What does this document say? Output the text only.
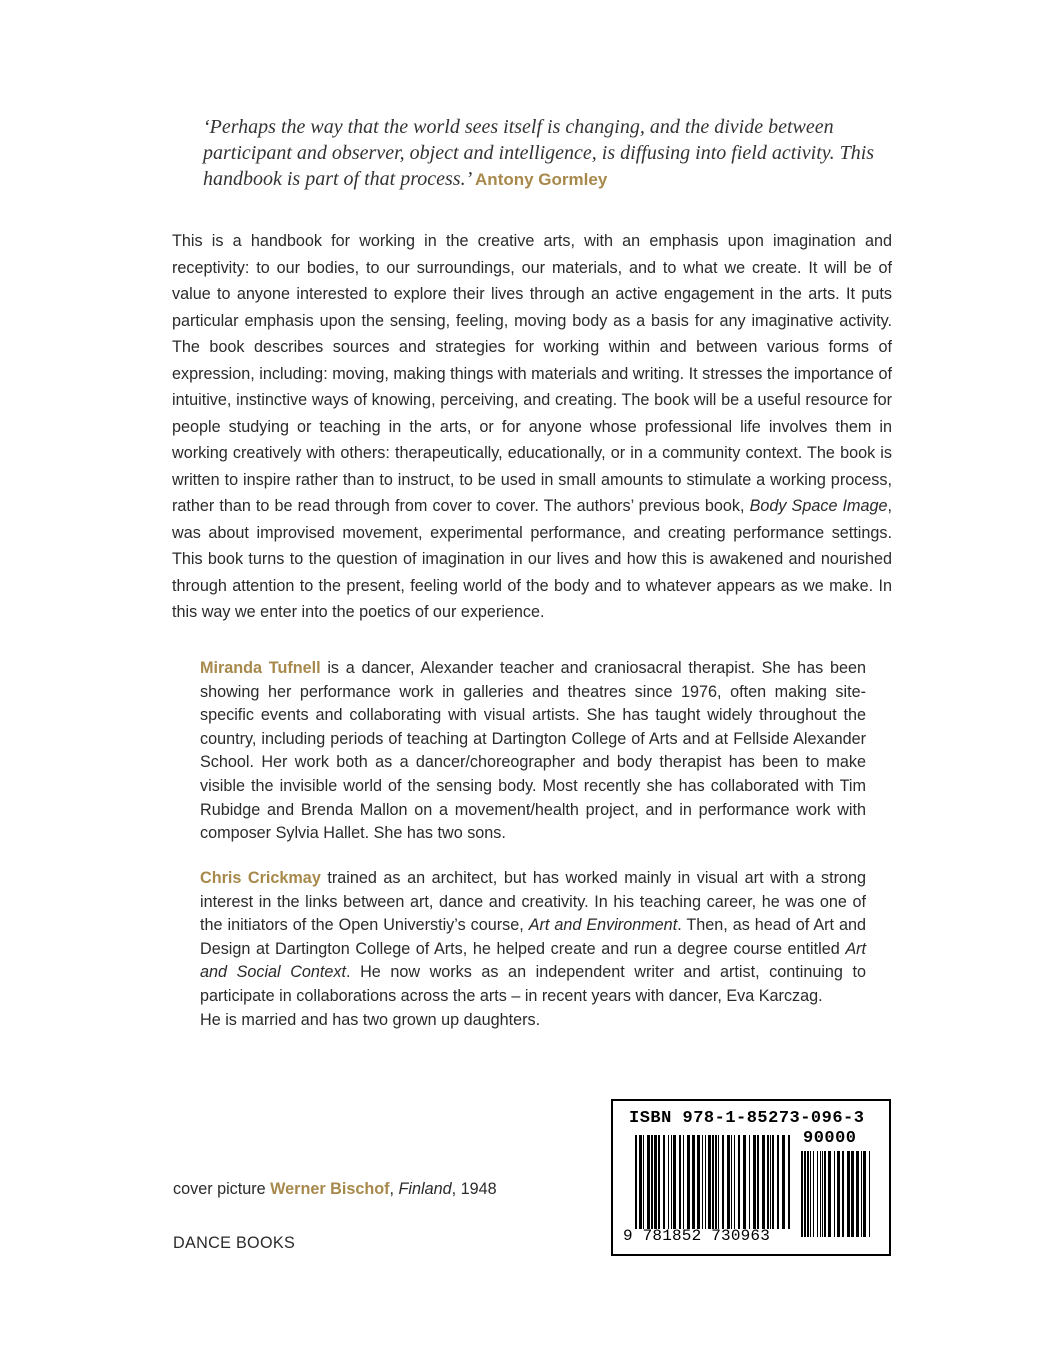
‘Perhaps the way that the world sees itself is changing, and the divide between participant and observer, object and intelligence, is diffusing into field activity. This handbook is part of that process.’ Antony Gormley
This is a handbook for working in the creative arts, with an emphasis upon imagination and receptivity: to our bodies, to our surroundings, our materials, and to what we create. It will be of value to anyone interested to explore their lives through an active engagement in the arts. It puts particular emphasis upon the sensing, feeling, moving body as a basis for any imaginative activity. The book describes sources and strategies for working within and between various forms of expression, including: moving, making things with materials and writing. It stresses the importance of intuitive, instinctive ways of knowing, perceiving, and creating. The book will be a useful resource for people studying or teaching in the arts, or for anyone whose professional life involves them in working creatively with others: therapeutically, educationally, or in a community context. The book is written to inspire rather than to instruct, to be used in small amounts to stimulate a working process, rather than to be read through from cover to cover. The authors’ previous book, Body Space Image, was about improvised movement, experimental performance, and creating performance settings. This book turns to the question of imagination in our lives and how this is awakened and nourished through attention to the present, feeling world of the body and to whatever appears as we make. In this way we enter into the poetics of our experience.
Miranda Tufnell is a dancer, Alexander teacher and craniosacral therapist. She has been showing her performance work in galleries and theatres since 1976, often making site-specific events and collaborating with visual artists. She has taught widely throughout the country, including periods of teaching at Dartington College of Arts and at Fellside Alexander School. Her work both as a dancer/choreographer and body therapist has been to make visible the invisible world of the sensing body. Most recently she has collaborated with Tim Rubidge and Brenda Mallon on a movement/health project, and in performance work with composer Sylvia Hallet. She has two sons.
Chris Crickmay trained as an architect, but has worked mainly in visual art with a strong interest in the links between art, dance and creativity. In his teaching career, he was one of the initiators of the Open Universtiy’s course, Art and Environment. Then, as head of Art and Design at Dartington College of Arts, he helped create and run a degree course entitled Art and Social Context. He now works as an independent writer and artist, continuing to participate in collaborations across the arts – in recent years with dancer, Eva Karczag.
He is married and has two grown up daughters.
cover picture Werner Bischof, Finland, 1948
DANCE BOOKS
ISBN 978-1-85273-096-3
90000
9 781852 730963
